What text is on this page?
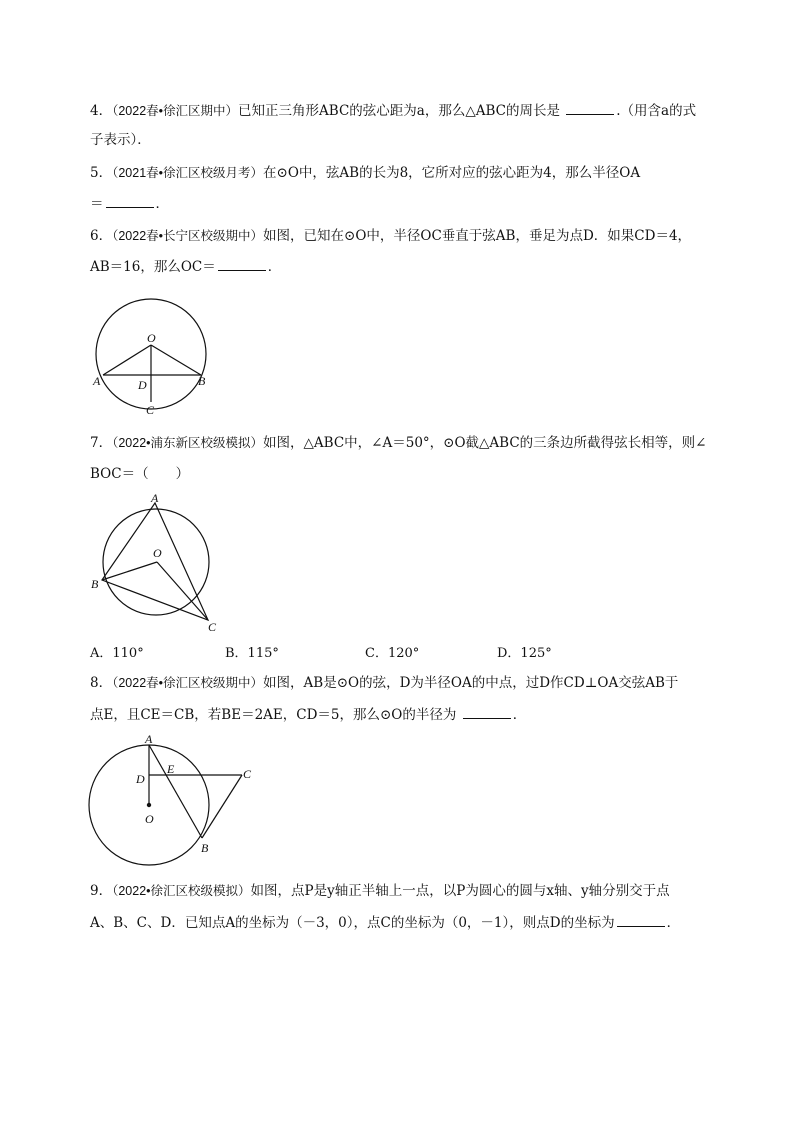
4．（2022春•徐汇区期中）已知正三角形ABC的弦心距为a，那么△ABC的周长是	.（用含a的式
子表示）．
5．（2021春•徐汇区校级月考）在⊙O中，弦AB的长为8，它所对应的弦心距为4，那么半径OA
＝	．
6．（2022春•长宁区校级期中）如图，已知在⊙O中，半径OC垂直于弦AB，垂足为点D．如果CD＝4，
AB＝16，那么OC＝	．
O
A	B
D
C
7．（2022•浦东新区校级模拟）如图，△ABC中，∠A＝50°，⊙O截△ABC的三条边所截得弦长相等，则∠
BOC＝（　　）
A
O
B
C
A．110°	B．115°	C．120°	D．125°
8．（2022春•徐汇区校级期中）如图，AB是⊙O的弦，D为半径OA的中点，过D作CD⊥OA交弦AB于
点E，且CE＝CB，若BE＝2AE，CD＝5，那么⊙O的半径为	．
A
D
E	C
O
B
9．（2022•徐汇区校级模拟）如图，点P是y轴正半轴上一点，以P为圆心的圆与x轴、y轴分别交于点
A、B、C、D．已知点A的坐标为（－3，0），点C的坐标为（0，－1），则点D的坐标为	．
